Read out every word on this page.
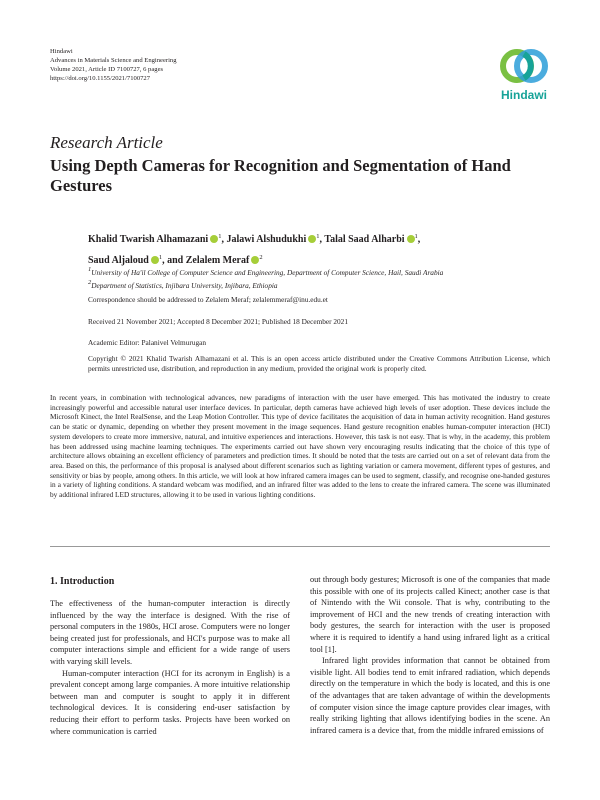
Hindawi
Advances in Materials Science and Engineering
Volume 2021, Article ID 7100727, 6 pages
https://doi.org/10.1155/2021/7100727
Hindawi
Research Article
Using Depth Cameras for Recognition and Segmentation of Hand Gestures
Khalid Twarish Alhamazani $^1$, Jalawi Alshudukhi $^1$, Talal Saad Alharbi $^1$,
Saud Aljaloud $^1$, and Zelalem Meraf $^2$
1University of Ha'il College of Computer Science and Engineering, Department of Computer Science, Hail, Saudi Arabia
2Department of Statistics, Injibara University, Injibara, Ethiopia
Correspondence should be addressed to Zelalem Meraf; zelalemmeraf@inu.edu.et
Received 21 November 2021; Accepted 8 December 2021; Published 18 December 2021
Academic Editor: Palanivel Velmurugan
Copyright © 2021 Khalid Twarish Alhamazani et al. This is an open access article distributed under the Creative Commons Attribution License, which permits unrestricted use, distribution, and reproduction in any medium, provided the original work is properly cited.
In recent years, in combination with technological advances, new paradigms of interaction with the user have emerged. This has motivated the industry to create increasingly powerful and accessible natural user interface devices. In particular, depth cameras have achieved high levels of user adoption. These devices include the Microsoft Kinect, the Intel RealSense, and the Leap Motion Controller. This type of device facilitates the acquisition of data in human activity recognition. Hand gestures can be static or dynamic, depending on whether they present movement in the image sequences. Hand gesture recognition enables human-computer interaction (HCI) system developers to create more immersive, natural, and intuitive experiences and interactions. However, this task is not easy. That is why, in the academy, this problem has been addressed using machine learning techniques. The experiments carried out have shown very encouraging results indicating that the choice of this type of architecture allows obtaining an excellent efficiency of parameters and prediction times. It should be noted that the tests are carried out on a set of relevant data from the area. Based on this, the performance of this proposal is analysed about different scenarios such as lighting variation or camera movement, different types of gestures, and sensitivity or bias by people, among others. In this article, we will look at how infrared camera images can be used to segment, classify, and recognise one-handed gestures in a variety of lighting conditions. A standard webcam was modified, and an infrared filter was added to the lens to create the infrared camera. The scene was illuminated by additional infrared LED structures, allowing it to be used in various lighting conditions.
1. Introduction

The effectiveness of the human-computer interaction is directly influenced by the way the interface is designed. With the rise of personal computers in the 1980s, HCI arose. Computers were no longer being created just for professionals, and HCI's purpose was to make all computer interactions simple and efficient for a wide range of users with varying skill levels.

Human-computer interaction (HCI for its acronym in English) is a prevalent concept among large companies. A more intuitive relationship between man and computer is sought to apply it in different technological devices. It is considering end-user satisfaction by reducing their effort to perform tasks. Projects have been worked on where communication is carried

out through body gestures; Microsoft is one of the companies that made this possible with one of its projects called Kinect; another case is that of Nintendo with the Wii console. That is why, contributing to the improvement of HCI and the new trends of creating interaction with body gestures, the search for interaction with the user is proposed where it is required to identify a hand using infrared light as a critical tool [1].

Infrared light provides information that cannot be obtained from visible light. All bodies tend to emit infrared radiation, which depends directly on the temperature in which the body is located, and this is one of the advantages that are taken advantage of within the developments of computer vision since the image capture provides clear images, with really striking lighting that allows identifying bodies in the scene. An infrared camera is a device that, from the middle infrared emissions of
